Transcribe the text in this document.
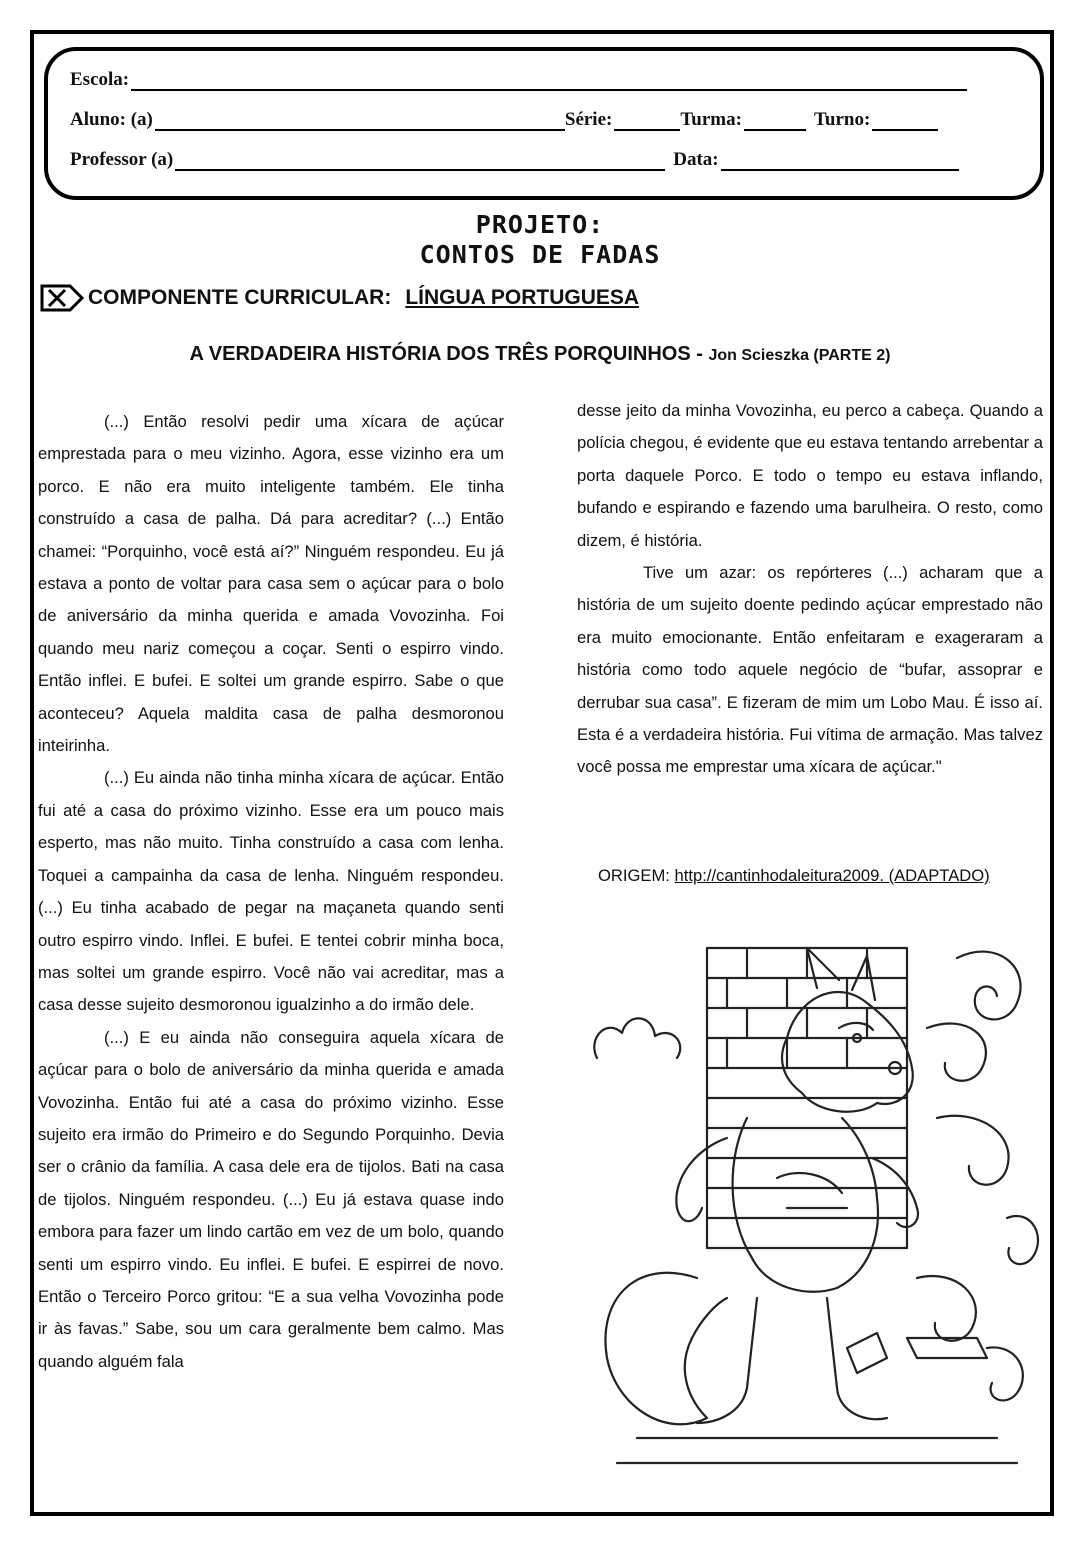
Escola:
Aluno: (a)	Série:	Turma:	Turno:
Professor (a)	Data:
PROJETO:
CONTOS DE FADAS
COMPONENTE CURRICULAR: LÍNGUA PORTUGUESA
A VERDADEIRA HISTÓRIA DOS TRÊS PORQUINHOS - Jon Scieszka (PARTE 2)

(...) Então resolvi pedir uma xícara de açúcar emprestada para o meu vizinho. Agora, esse vizinho era um porco. E não era muito inteligente também. Ele tinha construído a casa de palha. Dá para acreditar? (...) Então chamei: “Porquinho, você está aí?” Ninguém respondeu. Eu já estava a ponto de voltar para casa sem o açúcar para o bolo de aniversário da minha querida e amada Vovozinha. Foi quando meu nariz começou a coçar. Senti o espirro vindo. Então inflei. E bufei. E soltei um grande espirro. Sabe o que aconteceu? Aquela maldita casa de palha desmoronou inteirinha.

(...) Eu ainda não tinha minha xícara de açúcar. Então fui até a casa do próximo vizinho. Esse era um pouco mais esperto, mas não muito. Tinha construído a casa com lenha. Toquei a campainha da casa de lenha. Ninguém respondeu. (...) Eu tinha acabado de pegar na maçaneta quando senti outro espirro vindo. Inflei. E bufei. E tentei cobrir minha boca, mas soltei um grande espirro. Você não vai acreditar, mas a casa desse sujeito desmoronou igualzinho a do irmão dele.

(...) E eu ainda não conseguira aquela xícara de açúcar para o bolo de aniversário da minha querida e amada Vovozinha. Então fui até a casa do próximo vizinho. Esse sujeito era irmão do Primeiro e do Segundo Porquinho. Devia ser o crânio da família. A casa dele era de tijolos. Bati na casa de tijolos. Ninguém respondeu. (...) Eu já estava quase indo embora para fazer um lindo cartão em vez de um bolo, quando senti um espirro vindo. Eu inflei. E bufei. E espirrei de novo. Então o Terceiro Porco gritou: “E a sua velha Vovozinha pode ir às favas.” Sabe, sou um cara geralmente bem calmo. Mas quando alguém fala

desse jeito da minha Vovozinha, eu perco a cabeça. Quando a polícia chegou, é evidente que eu estava tentando arrebentar a porta daquele Porco. E todo o tempo eu estava inflando, bufando e espirando e fazendo uma barulheira. O resto, como dizem, é história.

Tive um azar: os repórteres (...) acharam que a história de um sujeito doente pedindo açúcar emprestado não era muito emocionante. Então enfeitaram e exageraram a história como todo aquele negócio de “bufar, assoprar e derrubar sua casa”. E fizeram de mim um Lobo Mau. É isso aí. Esta é a verdadeira história. Fui vítima de armação. Mas talvez você possa me emprestar uma xícara de açúcar."

ORIGEM: http://cantinhodaleitura2009. (ADAPTADO)
